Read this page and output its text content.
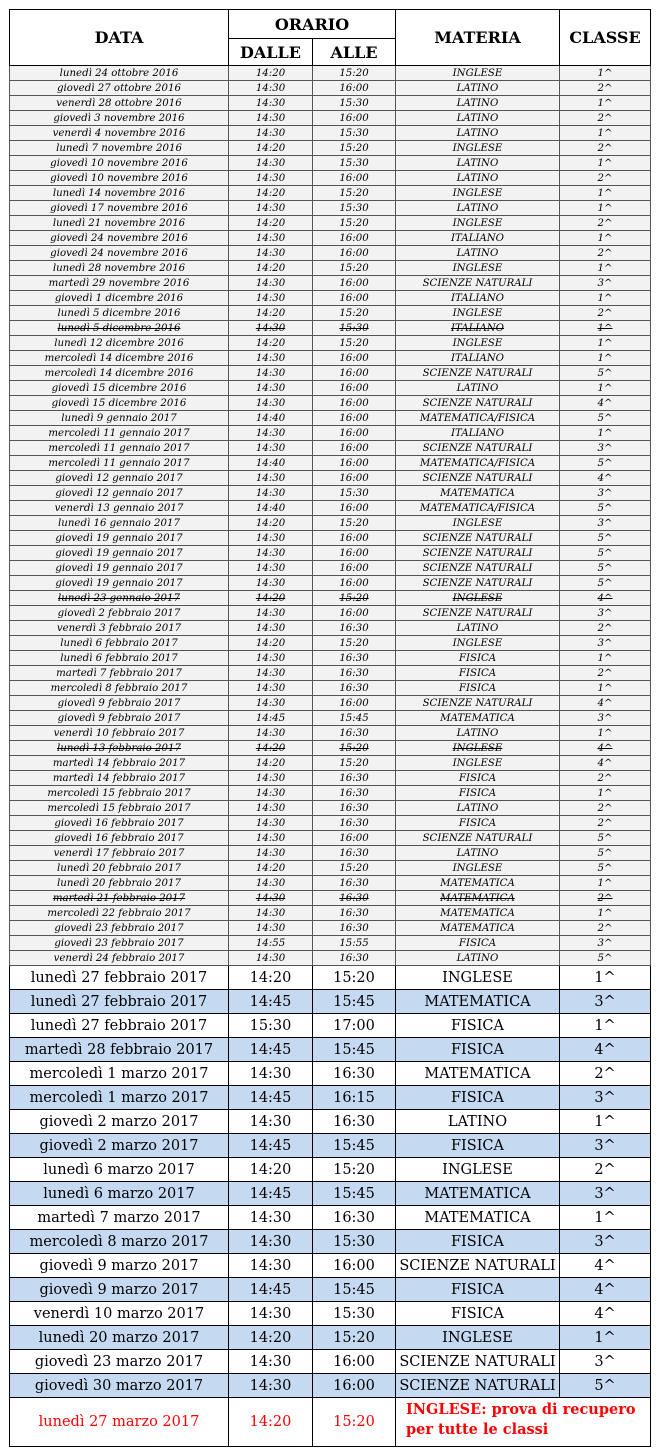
DATA	ORARIO		MATERIA	CLASSE
	DALLE	ALLE		
lunedì 24 ottobre 2016	14:20	15:20	INGLESE	1^
giovedì 27 ottobre 2016	14:30	16:00	LATINO	2^
venerdì 28 ottobre 2016	14:30	15:30	LATINO	1^
giovedì 3 novembre 2016	14:30	16:00	LATINO	2^
venerdì 4 novembre 2016	14:30	15:30	LATINO	1^
lunedì 7 novembre 2016	14:20	15:20	INGLESE	2^
giovedì 10 novembre 2016	14:30	15:30	LATINO	1^
giovedì 10 novembre 2016	14:30	16:00	LATINO	2^
lunedì 14 novembre 2016	14:20	15:20	INGLESE	1^
giovedì 17 novembre 2016	14:30	15:30	LATINO	1^
lunedì 21 novembre 2016	14:20	15:20	INGLESE	2^
giovedì 24 novembre 2016	14:30	16:00	ITALIANO	1^
giovedì 24 novembre 2016	14:30	16:00	LATINO	2^
lunedì 28 novembre 2016	14:20	15:20	INGLESE	1^
martedì 29 novembre 2016	14:30	16:00	SCIENZE NATURALI	3^
giovedì 1 dicembre 2016	14:30	16:00	ITALIANO	1^
lunedì 5 dicembre 2016	14:20	15:20	INGLESE	2^
lunedì 5 dicembre 2016	14:30	15:30	ITALIANO	1^
lunedì 12 dicembre 2016	14:20	15:20	INGLESE	1^
mercoledì 14 dicembre 2016	14:30	16:00	ITALIANO	1^
mercoledì 14 dicembre 2016	14:30	16:00	SCIENZE NATURALI	5^
giovedì 15 dicembre 2016	14:30	16:00	LATINO	1^
giovedì 15 dicembre 2016	14:30	16:00	SCIENZE NATURALI	4^
lunedì 9 gennaio 2017	14:40	16:00	MATEMATICA/FISICA	5^
mercoledì 11 gennaio 2017	14:30	16:00	ITALIANO	1^
mercoledì 11 gennaio 2017	14:30	16:00	SCIENZE NATURALI	3^
mercoledì 11 gennaio 2017	14:40	16:00	MATEMATICA/FISICA	5^
giovedì 12 gennaio 2017	14:30	16:00	SCIENZE NATURALI	4^
giovedì 12 gennaio 2017	14:30	15:30	MATEMATICA	3^
venerdì 13 gennaio 2017	14:40	16:00	MATEMATICA/FISICA	5^
lunedì 16 gennaio 2017	14:20	15:20	INGLESE	3^
giovedì 19 gennaio 2017	14:30	16:00	SCIENZE NATURALI	5^
giovedì 19 gennaio 2017	14:30	16:00	SCIENZE NATURALI	5^
giovedì 19 gennaio 2017	14:30	16:00	SCIENZE NATURALI	5^
giovedì 19 gennaio 2017	14:30	16:00	SCIENZE NATURALI	5^
lunedì 23 gennaio 2017	14:20	15:20	INGLESE	4^
giovedì 2 febbraio 2017	14:30	16:00	SCIENZE NATURALI	3^
venerdì 3 febbraio 2017	14:30	16:30	LATINO	2^
lunedì 6 febbraio 2017	14:20	15:20	INGLESE	3^
lunedì 6 febbraio 2017	14:30	16:30	FISICA	1^
martedì 7 febbraio 2017	14:30	16:30	FISICA	2^
mercoledì 8 febbraio 2017	14:30	16:30	FISICA	1^
giovedì 9 febbraio 2017	14:30	16:00	SCIENZE NATURALI	4^
giovedì 9 febbraio 2017	14:45	15:45	MATEMATICA	3^
venerdì 10 febbraio 2017	14:30	16:30	LATINO	1^
lunedì 13 febbraio 2017	14:20	15:20	INGLESE	4^
martedì 14 febbraio 2017	14:20	15:20	INGLESE	4^
martedì 14 febbraio 2017	14:30	16:30	FISICA	2^
mercoledì 15 febbraio 2017	14:30	16:30	FISICA	1^
mercoledì 15 febbraio 2017	14:30	16:30	LATINO	2^
giovedì 16 febbraio 2017	14:30	16:30	FISICA	2^
giovedì 16 febbraio 2017	14:30	16:00	SCIENZE NATURALI	5^
venerdì 17 febbraio 2017	14:30	16:30	LATINO	5^
lunedì 20 febbraio 2017	14:20	15:20	INGLESE	5^
lunedì 20 febbraio 2017	14:30	16:30	MATEMATICA	1^
martedì 21 febbraio 2017	14:30	16:30	MATEMATICA	2^
mercoledì 22 febbraio 2017	14:30	16:30	MATEMATICA	1^
giovedì 23 febbraio 2017	14:30	16:30	MATEMATICA	2^
giovedì 23 febbraio 2017	14:55	15:55	FISICA	3^
venerdì 24 febbraio 2017	14:30	16:30	LATINO	5^
lunedì 27 febbraio 2017	14:20	15:20	INGLESE	1^
lunedì 27 febbraio 2017	14:45	15:45	MATEMATICA	3^
lunedì 27 febbraio 2017	15:30	17:00	FISICA	1^
martedì 28 febbraio 2017	14:45	15:45	FISICA	4^
mercoledì 1 marzo 2017	14:30	16:30	MATEMATICA	2^
mercoledì 1 marzo 2017	14:45	16:15	FISICA	3^
giovedì 2 marzo 2017	14:30	16:30	LATINO	1^
giovedì 2 marzo 2017	14:45	15:45	FISICA	3^
lunedì 6 marzo 2017	14:20	15:20	INGLESE	2^
lunedì 6 marzo 2017	14:45	15:45	MATEMATICA	3^
martedì 7 marzo 2017	14:30	16:30	MATEMATICA	1^
mercoledì 8 marzo 2017	14:30	15:30	FISICA	3^
giovedì 9 marzo 2017	14:30	16:00	SCIENZE NATURALI	4^
giovedì 9 marzo 2017	14:45	15:45	FISICA	4^
venerdì 10 marzo 2017	14:30	15:30	FISICA	4^
lunedì 20 marzo 2017	14:20	15:20	INGLESE	1^
giovedì 23 marzo 2017	14:30	16:00	SCIENZE NATURALI	3^
giovedì 30 marzo 2017	14:30	16:00	SCIENZE NATURALI	5^
lunedì 27 marzo 2017	14:20	15:20	INGLESE: prova di recupero
per tutte le classi	
